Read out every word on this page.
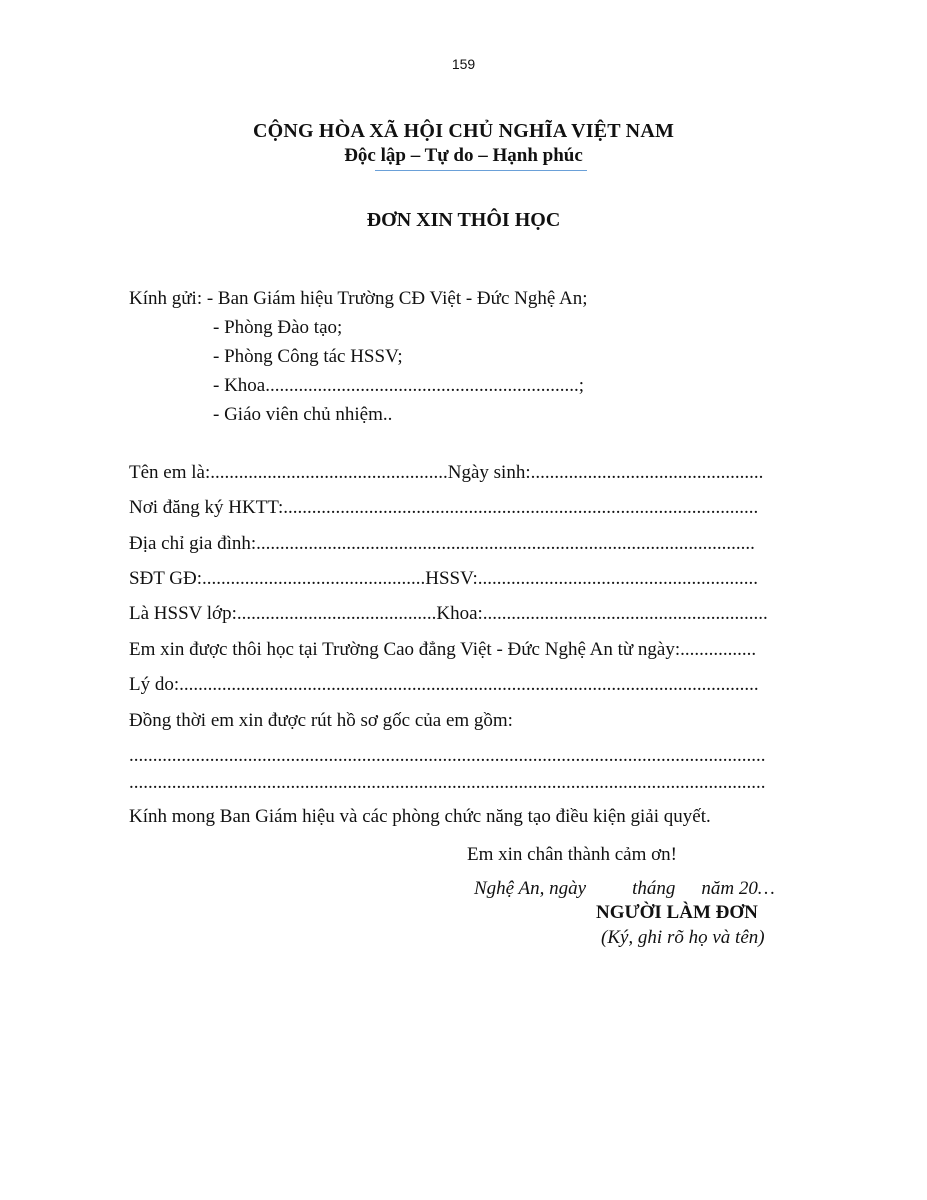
159
CỘNG HÒA XÃ HỘI CHỦ NGHĨA VIỆT NAM
Độc lập – Tự do – Hạnh phúc
ĐƠN XIN THÔI HỌC
Kính gửi: - Ban Giám hiệu Trường CĐ Việt - Đức Nghệ An;
- Phòng Đào tạo;
- Phòng Công tác HSSV;
- Khoa..................................................................;
- Giáo viên chủ nhiệm..
Tên em là:..................................................Ngày sinh:.................................................
Nơi đăng ký HKTT:....................................................................................................
Địa chỉ gia đình:.........................................................................................................
SĐT GĐ:...............................................HSSV:...........................................................
Là HSSV lớp:..........................................Khoa:............................................................
Em xin được thôi học tại Trường Cao đẳng Việt - Đức Nghệ An từ ngày:................
Lý do:..........................................................................................................................
Đồng thời em xin được rút hồ sơ gốc của em gồm:
......................................................................................................................................
......................................................................................................................................
Kính mong Ban Giám hiệu và các phòng chức năng tạo điều kiện giải quyết.
Em xin chân thành cảm ơn!
Nghệ An, ngày tháng năm 20…
NGƯỜI LÀM ĐƠN
(Ký, ghi rõ họ và tên)
